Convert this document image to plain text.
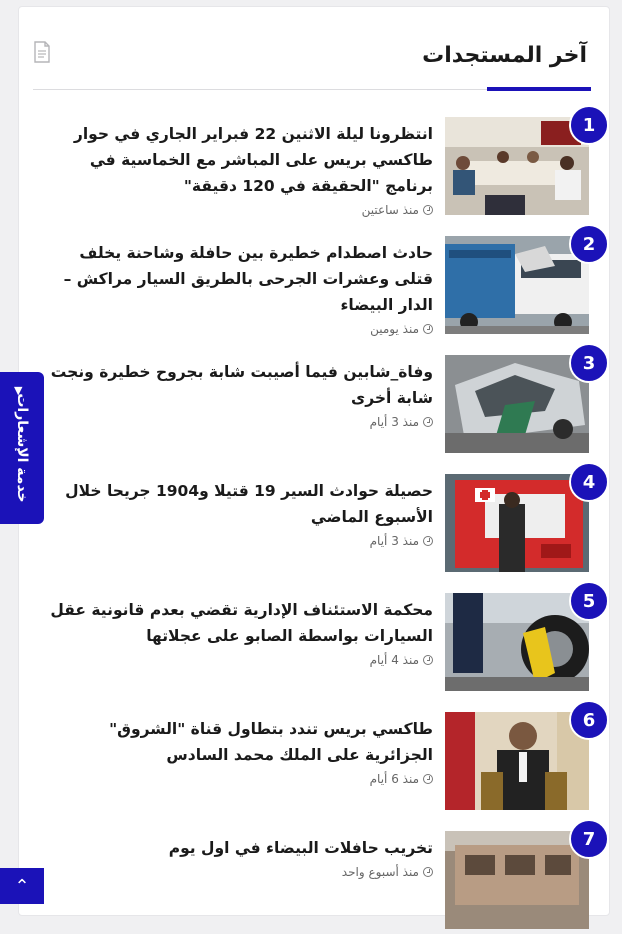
آخر المستجدات
1

انتظرونا ليلة الاثنين 22 فبراير الجاري في حوار طاكسي بريس على المباشر مع الخماسية في برنامج "الحقيقة في 120 دقيقة"

منذ ساعتين
2

حادث اصطدام خطيرة بين حافلة وشاحنة يخلف قتلى وعشرات الجرحى بالطريق السيار مراكش – الدار البيضاء

منذ يومين
3

وفاة_شابين فيما أصيبت شابة بجروح خطيرة ونجت شابة أخرى

منذ 3 أيام
4

حصيلة حوادث السير 19 قتيلا و1904 جريحا خلال الأسبوع الماضي

منذ 3 أيام
5

محكمة الاستئناف الإدارية تقضي بعدم قانونية عقل السيارات بواسطة الصابو على عجلاتها

منذ 4 أيام
6

طاكسي بريس تندد بتطاول قناة "الشروق" الجزائرية على الملك محمد السادس

منذ 6 أيام
7

تخريب حافلات البيضاء في اول يوم

منذ أسبوع واحد
▼
خدمة الإشعارات
⌃
